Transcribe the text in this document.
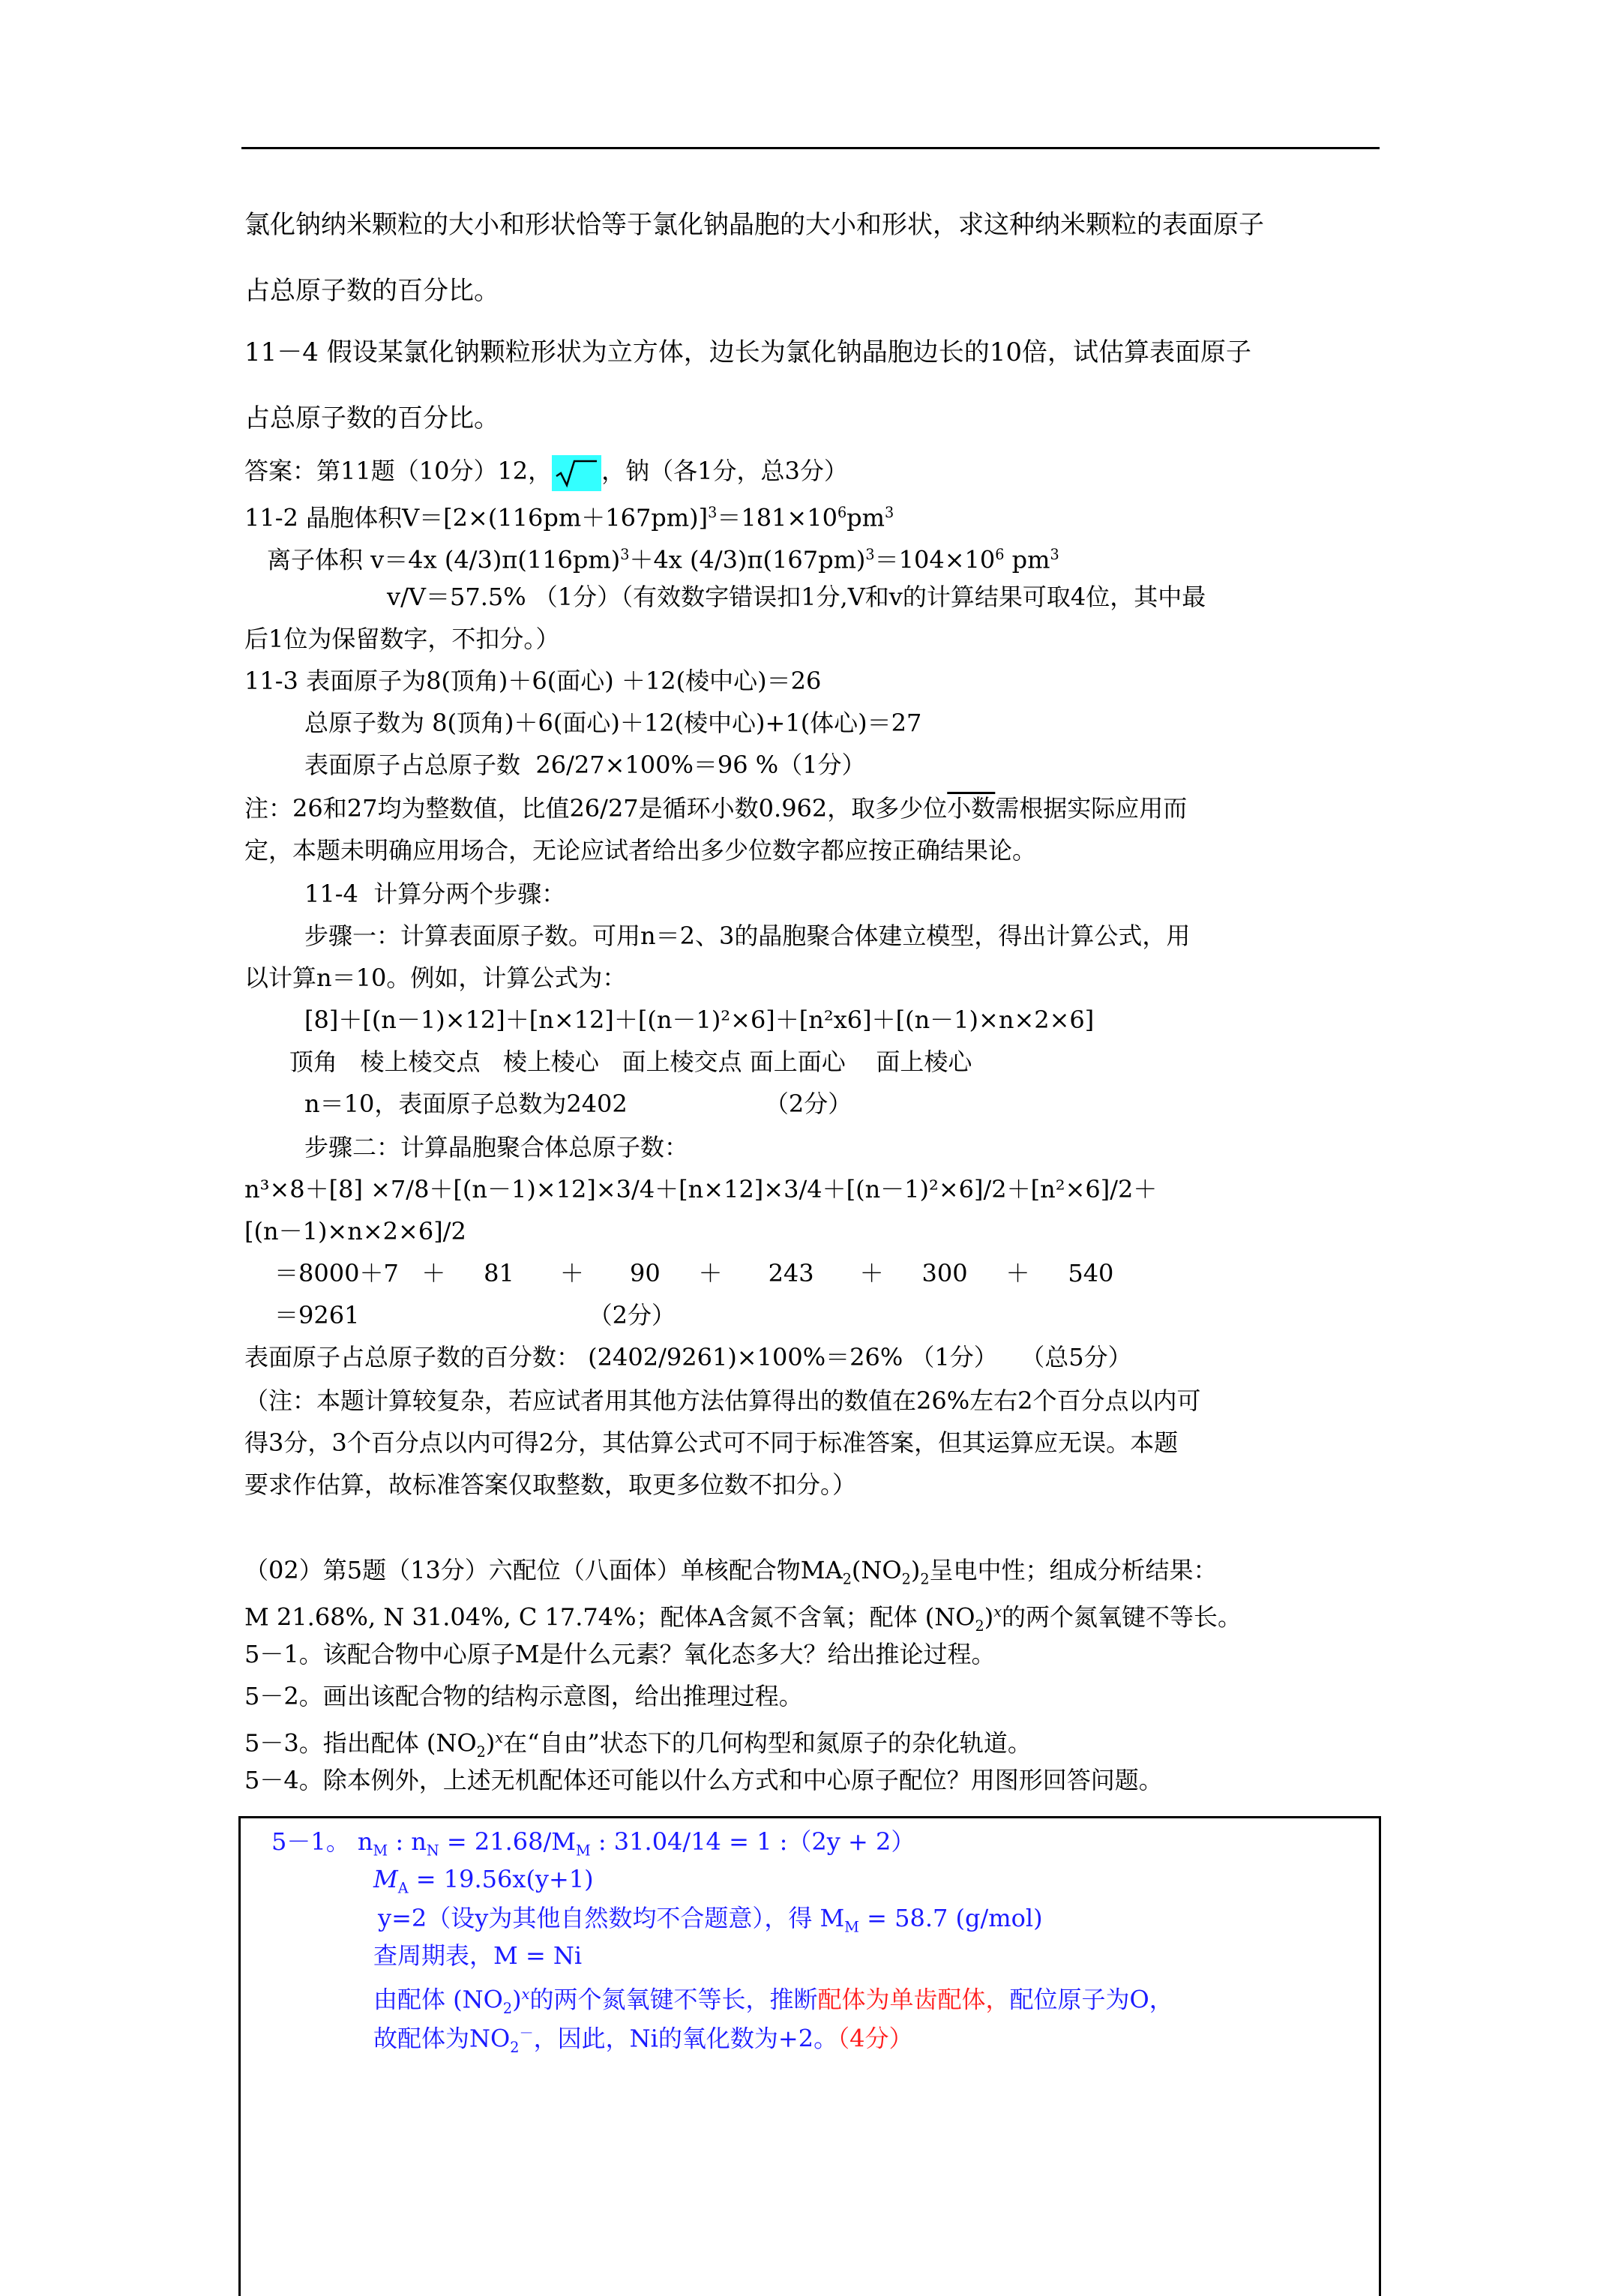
氯化钠纳米颗粒的大小和形状恰等于氯化钠晶胞的大小和形状，求这种纳米颗粒的表面原子
占总原子数的百分比。
11－4 假设某氯化钠颗粒形状为立方体，边长为氯化钠晶胞边长的10倍，试估算表面原子
占总原子数的百分比。
答案：第11题（10分）12， ，钠（各1分，总3分）
11-2 晶胞体积$V=[2\times(116pm+167pm)]^3=181\times 10^6pm^3$
离子体积 v＝4x $(4/3)\pi(116pm)^3+4x$ $(4/3)\pi(167pm)^3=104\times 10^6$ $pm^3$
v/V＝57.5% （1分）（有效数字错误扣1分,V和v的计算结果可取4位，其中最
后1位为保留数字，不扣分。）
11-3 表面原子为8(顶角)＋6(面心) ＋12(棱中心)＝26
总原子数为 8(顶角)＋6(面心)＋12(棱中心)+1(体心)＝27
表面原子占总原子数  26/27×100%＝96 %（1分）
注：26和27均为整数值，比值26/27是循环小数0.962，取多少位小数需根据实际应用而
定，本题未明确应用场合，无论应试者给出多少位数字都应按正确结果论。
11-4  计算分两个步骤：
步骤一：计算表面原子数。可用n＝2、3的晶胞聚合体建立模型，得出计算公式，用
以计算n＝10。例如，计算公式为：
[8]＋[(n－1)×12]＋[n×12]＋[(n－1)²×6]＋[n²x6]＋[(n－1)×n×2×6]
顶角   棱上棱交点   棱上棱心   面上棱交点 面上面心    面上棱心
n＝10，表面原子总数为2402                  （2分）
步骤二：计算晶胞聚合体总原子数：
n³×8＋[8] ×7/8＋[(n－1)×12]×3/4＋[n×12]×3/4＋[(n－1)²×6]/2＋[n²×6]/2＋
[(n－1)×n×2×6]/2
＝8000＋7   ＋     81      ＋      90     ＋      243      ＋     300     ＋     540
＝9261                              （2分）
表面原子占总原子数的百分数： (2402/9261)×100%＝26% （1分）   （总5分）
（注：本题计算较复杂，若应试者用其他方法估算得出的数值在26%左右2个百分点以内可
得3分，3个百分点以内可得2分，其估算公式可不同于标准答案，但其运算应无误。本题
要求作估算，故标准答案仅取整数，取更多位数不扣分。）
（02）第5题（13分）六配位（八面体）单核配合物$MA_2(NO_2)_2$呈电中性；组成分析结果：
M 21.68%, N 31.04%, C 17.74%；配体A含氮不含氧；配体 $(NO_2)^x$的两个氮氧键不等长。
5－1。该配合物中心原子M是什么元素？氧化态多大？给出推论过程。
5－2。画出该配合物的结构示意图，给出推理过程。
5－3。指出配体 $(NO_2)^x$在“自由”状态下的几何构型和氮原子的杂化轨道。
5－4。除本例外，上述无机配体还可能以什么方式和中心原子配位？用图形回答问题。
5－1。 $n_M$ : $n_N = 21.68/M_M$ : 31.04/14 = 1 :（2y + 2）
$M_A = 19.56x(y+1)$
y=2（设y为其他自然数均不合题意），得 $M_M = 58.7$ (g/mol)
查周期表，M = Ni
由配体 $(NO_2)^x$的两个氮氧键不等长，推断配体为单齿配体，配位原子为O，
故配体为$NO_2^-$，因此，Ni的氧化数为+2。（4分）
